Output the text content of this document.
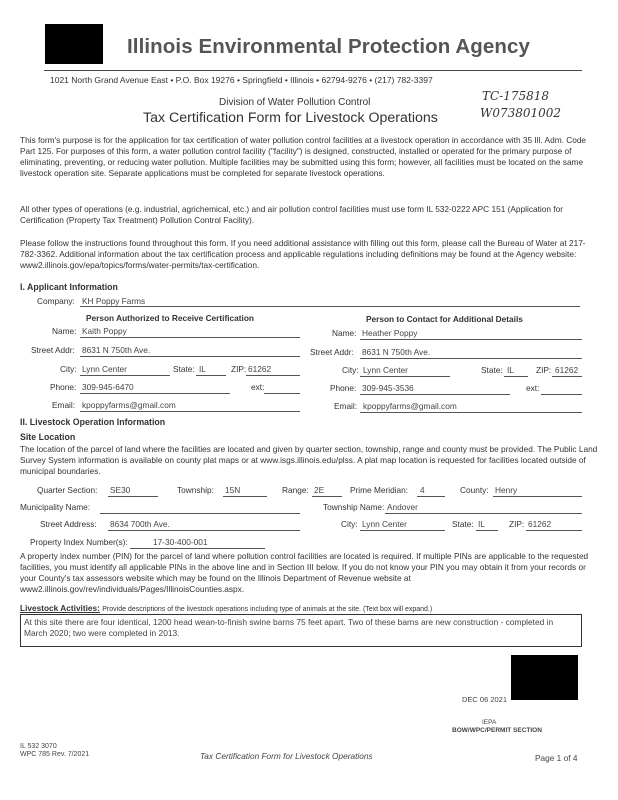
Illinois Environmental Protection Agency
1021 North Grand Avenue East • P.O. Box 19276 • Springfield • Illinois • 62794-9276 • (217) 782-3397
TC-175818
W073801002
Division of Water Pollution Control
Tax Certification Form for Livestock Operations

This form's purpose is for the application for tax certification of water pollution control facilities at a livestock operation in accordance with 35 Ill. Adm. Code Part 125. For purposes of this form, a water pollution control facility ("facility") is designed, constructed, installed or operated for the primary purpose of eliminating, preventing, or reducing water pollution. Multiple facilities may be submitted using this form; however, all facilities must be located on the same livestock operation site. Separate applications must be completed for separate livestock operations.

All other types of operations (e.g. industrial, agrichemical, etc.) and air pollution control facilities must use form IL 532-0222 APC 151 (Application for Certification (Property Tax Treatment) Pollution Control Facility).

Please follow the instructions found throughout this form. If you need additional assistance with filling out this form, please call the Bureau of Water at 217-782-3362. Additional information about the tax certification process and applicable regulations including definitions may be found at the Agency website: www2.illinois.gov/epa/topics/forms/water-permits/tax-certification.

I. Applicant Information
Company: KH Poppy Farms
Person Authorized to Receive Certification	Person to Contact for Additional Details
Name: Kaith Poppy
Street Addr: 8631 N 750th Ave.
City: Lynn Center	State: IL	ZIP: 61262
Phone: 309-945-6470	ext:
Email: kpoppyfarms@gmail.com
Name: Heather Poppy
Street Addr: 8631 N 750th Ave.
City: Lynn Center	State: IL	ZIP: 61262
Phone: 309-945-3536	ext:
Email: kpoppyfarms@gmail.com
II. Livestock Operation Information
Site Location

The location of the parcel of land where the facilities are located and given by quarter section, township, range and county must be provided. The Public Land Survey System information is available on county plat maps or at www.isgs.illinois.edu/plss. A plat map location is requested for facilities located outside of municipal boundaries.

Quarter Section: SE30	Township: 15N	Range: 2E	Prime Meridian: 4	County: Henry
Municipality Name:	Township Name: Andover
Street Address: 8634 700th Ave.	City: Lynn Center	State: IL	ZIP: 61262
Property Index Number(s):	17-30-400-001

A property index number (PIN) for the parcel of land where pollution control facilities are located is required. If multiple PINs are applicable to the requested facilities, you must identify all applicable PINs in the above line and in Section III below. If you do not know your PIN you may obtain it from your records or your County's tax assessors website which may be found on the Illinois Department of Revenue website at www2.illinois.gov/rev/individuals/Pages/IllinoisCounties.aspx.

Livestock Activities: Provide descriptions of the livestock operations including type of animals at the site. (Text box will expand.)
At this site there are four identical, 1200 head wean-to-finish swine barns 75 feet apart. Two of these barns are new construction - completed in March 2020; two were completed in 2013.
DEC 06 2021
IEPA
BOW/WPC/PERMIT SECTION
IL 532 3070
WPC 785 Rev. 7/2021	Tax Certification Form for Livestock Operations	Page 1 of 4
